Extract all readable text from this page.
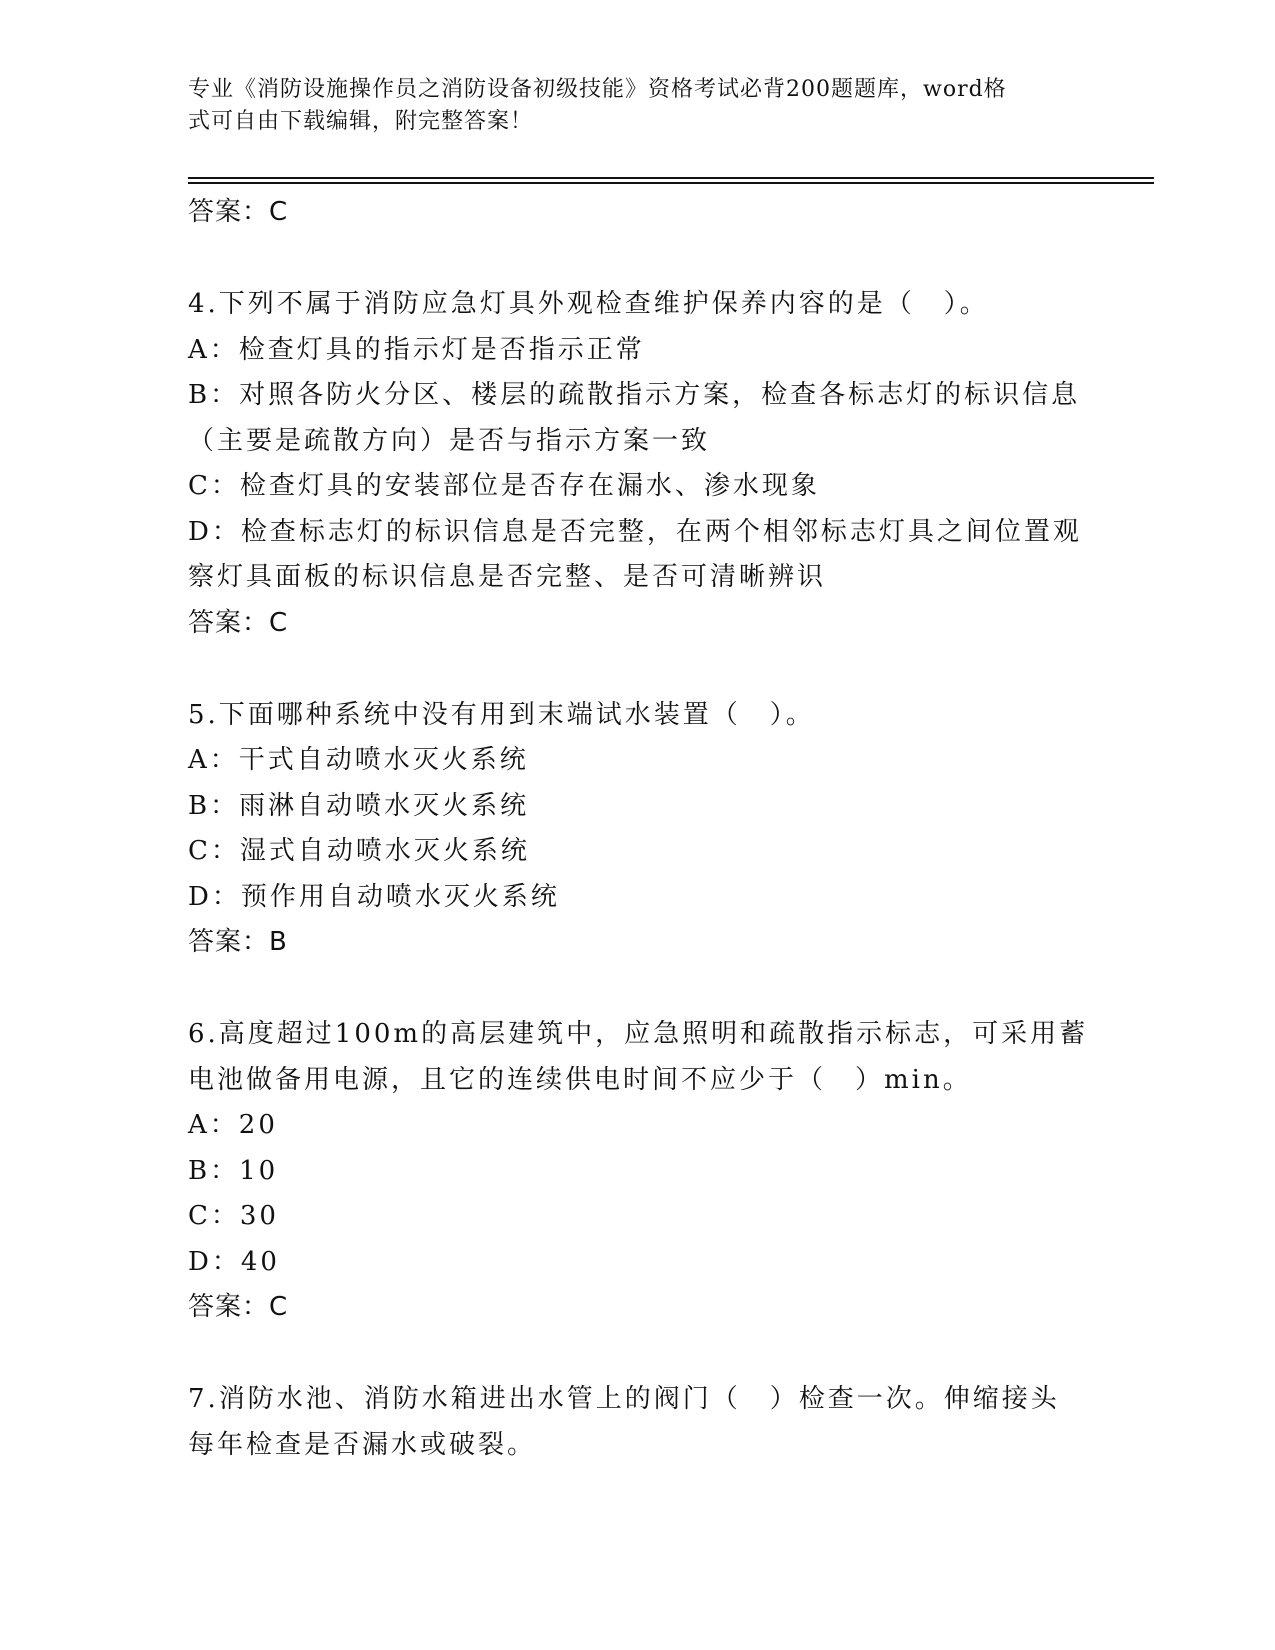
专业《消防设施操作员之消防设备初级技能》资格考试必背200题题库，word格
式可自由下载编辑，附完整答案！
答案：C
4.下列不属于消防应急灯具外观检查维护保养内容的是（　）。
A：检查灯具的指示灯是否指示正常
B：对照各防火分区、楼层的疏散指示方案，检查各标志灯的标识信息
（主要是疏散方向）是否与指示方案一致
C：检查灯具的安装部位是否存在漏水、渗水现象
D：检查标志灯的标识信息是否完整，在两个相邻标志灯具之间位置观
察灯具面板的标识信息是否完整、是否可清晰辨识
答案：C
5.下面哪种系统中没有用到末端试水装置（　）。
A：干式自动喷水灭火系统
B：雨淋自动喷水灭火系统
C：湿式自动喷水灭火系统
D：预作用自动喷水灭火系统
答案：B
6.高度超过100m的高层建筑中，应急照明和疏散指示标志，可采用蓄
电池做备用电源，且它的连续供电时间不应少于（　）min。
A：20
B：10
C：30
D：40
答案：C
7.消防水池、消防水箱进出水管上的阀门（　）检查一次。伸缩接头
每年检查是否漏水或破裂。
